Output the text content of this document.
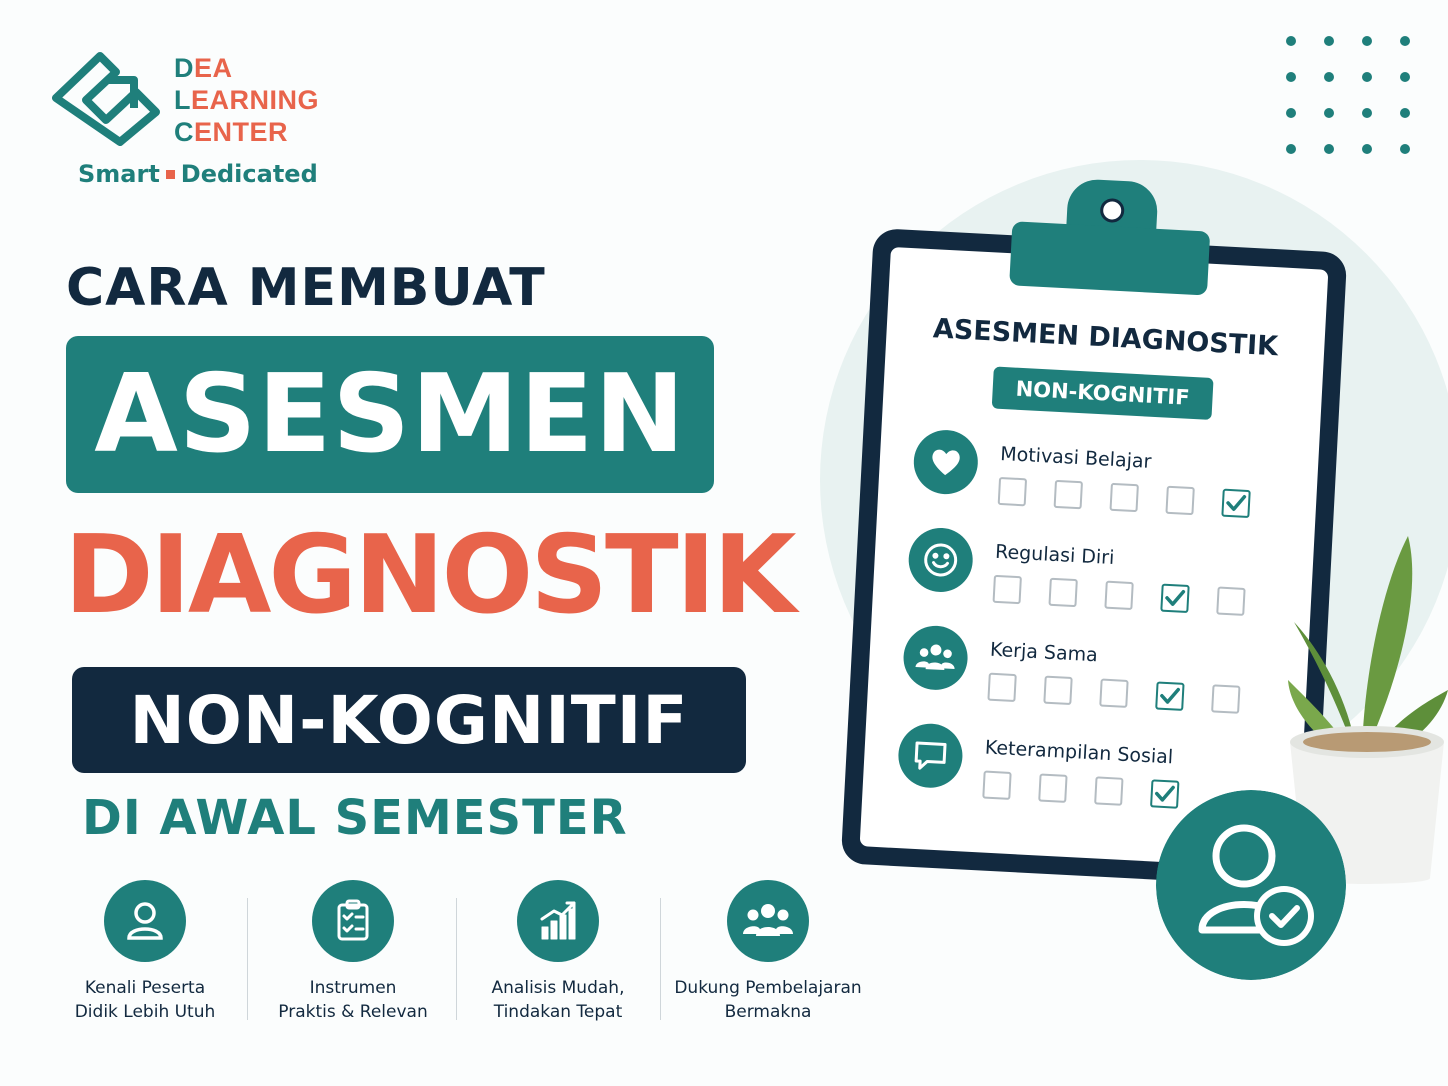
DEA
LEARNING
CENTER
Smart Dedicated
CARA MEMBUAT
ASESMEN
DIAGNOSTIK
NON-KOGNITIF
DI AWAL SEMESTER
Kenali Peserta
Didik Lebih Utuh
Instrumen
Praktis & Relevan
Analisis Mudah,
Tindakan Tepat
Dukung Pembelajaran
Bermakna
ASESMEN DIAGNOSTIK
NON-KOGNITIF
Motivasi Belajar
Regulasi Diri
Kerja Sama
Keterampilan Sosial
